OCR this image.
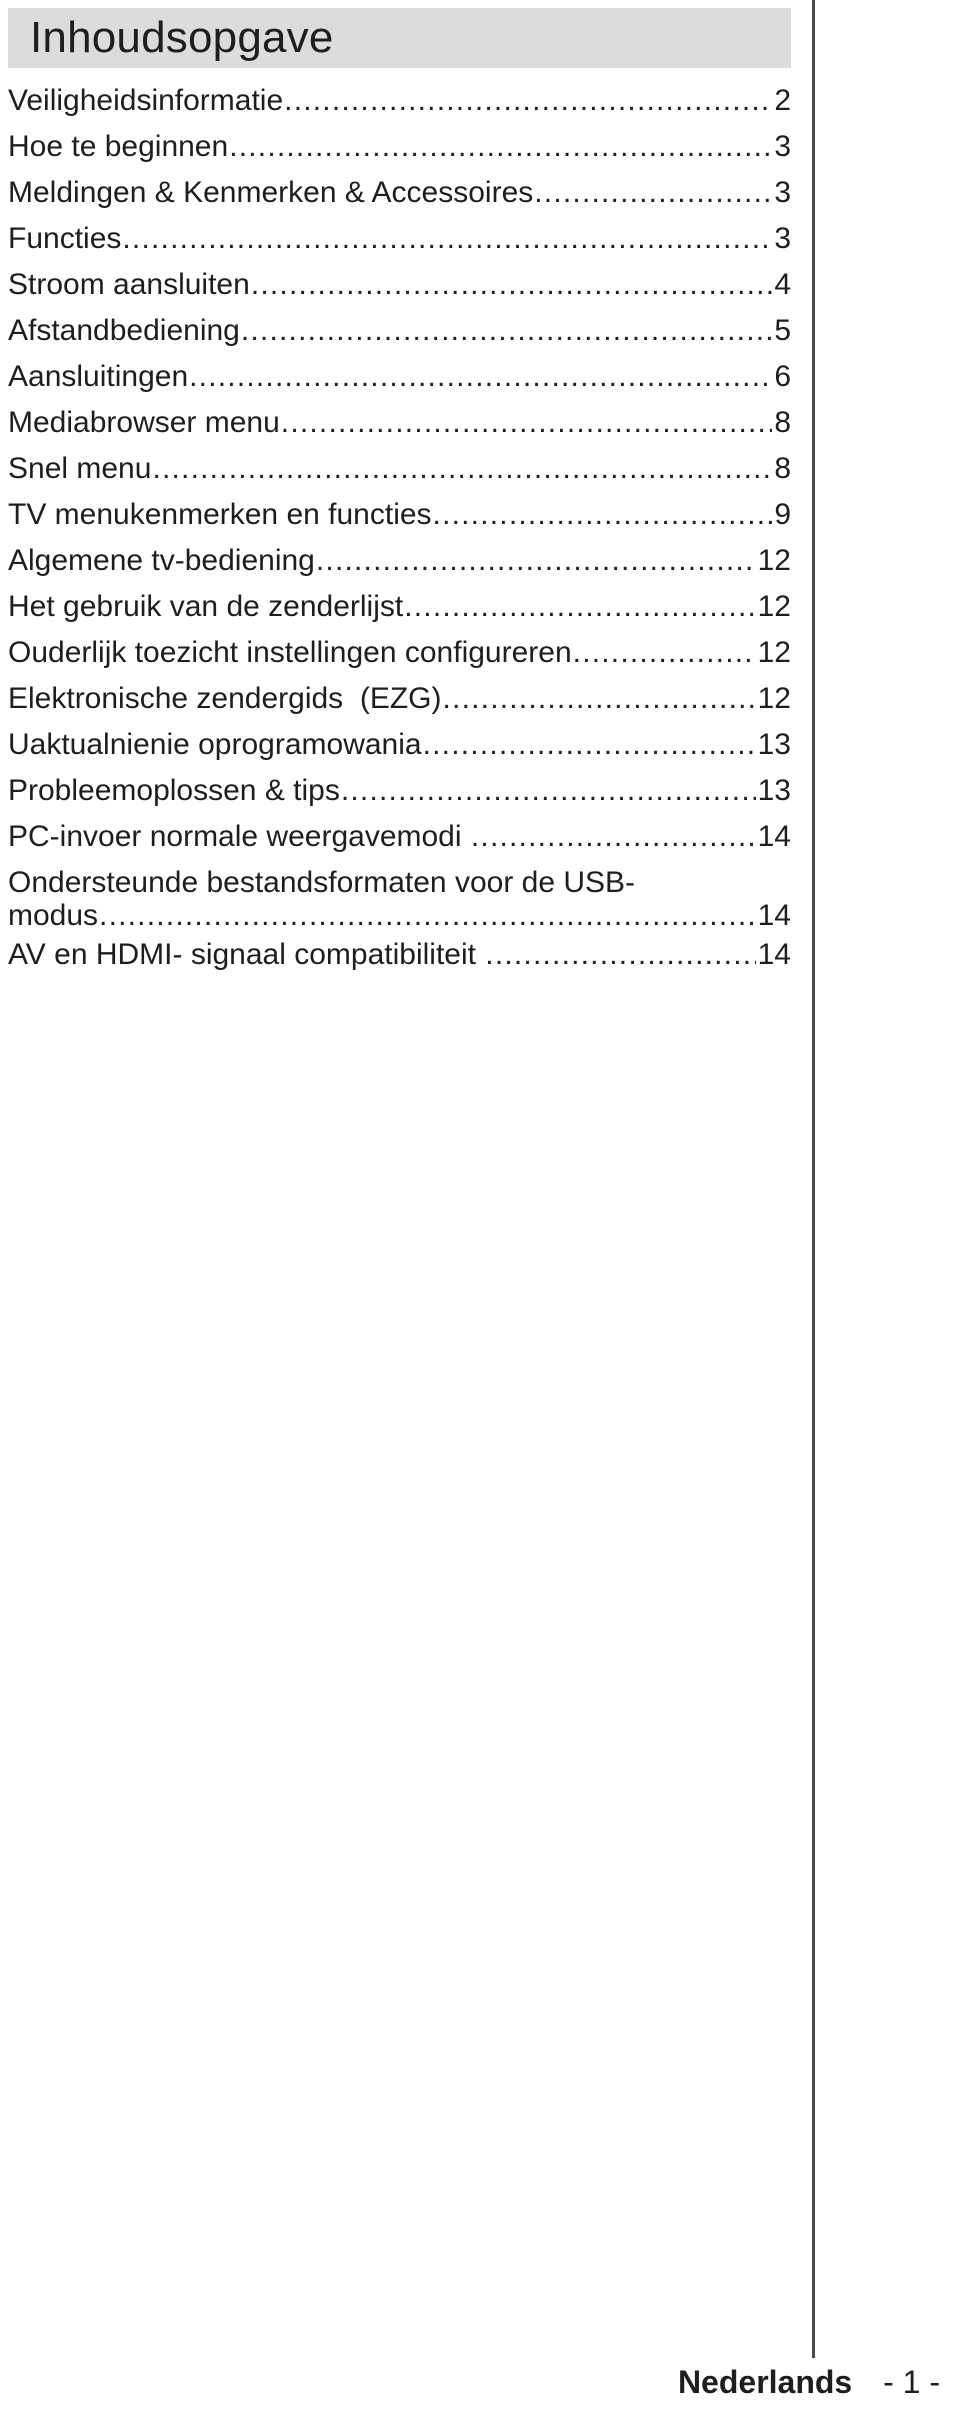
Inhoudsopgave
Veiligheidsinformatie .....	2
Hoe te beginnen .....	3
Meldingen & Kenmerken & Accessoires .....	3
Functies .....	3
Stroom aansluiten .....	4
Afstandbediening .....	5
Aansluitingen .....	6
Mediabrowser menu .....	8
Snel menu .....	8
TV menukenmerken en functies .....	9
Algemene tv-bediening .....	12
Het gebruik van de zenderlijst .....	12
Ouderlijk toezicht instellingen configureren .....	12
Elektronische zendergids  (EZG) .....	12
Uaktualnienie oprogramowania .....	13
Probleemoplossen & tips .....	13
PC-invoer normale weergavemodi .....	14
Ondersteunde bestandsformaten voor de USB-
modus .....	14
AV en HDMI- signaal compatibiliteit .....	14
Nederlands - 1 -
